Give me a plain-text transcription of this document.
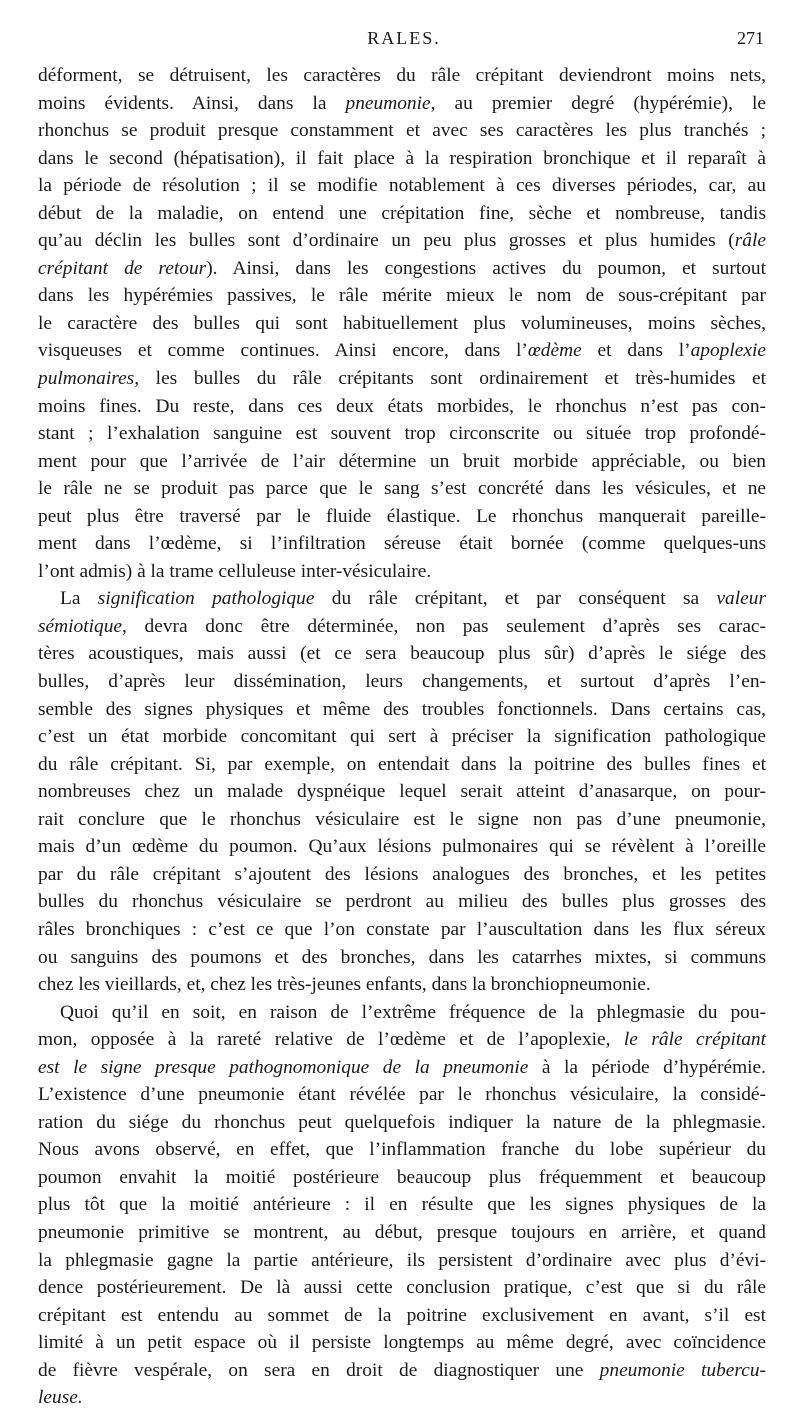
RALES.	271

déforment, se détruisent, les caractères du râle crépitant deviendront moins nets,
moins évidents. Ainsi, dans la pneumonie, au premier degré (hypérémie), le
rhonchus se produit presque constamment et avec ses caractères les plus tranchés ;
dans le second (hépatisation), il fait place à la respiration bronchique et il reparaît à
la période de résolution ; il se modifie notablement à ces diverses périodes, car, au
début de la maladie, on entend une crépitation fine, sèche et nombreuse, tandis
qu’au déclin les bulles sont d’ordinaire un peu plus grosses et plus humides (râle
crépitant de retour). Ainsi, dans les congestions actives du poumon, et surtout
dans les hypérémies passives, le râle mérite mieux le nom de sous-crépitant par
le caractère des bulles qui sont habituellement plus volumineuses, moins sèches,
visqueuses et comme continues. Ainsi encore, dans l’œdème et dans l’apoplexie
pulmonaires, les bulles du râle crépitants sont ordinairement et très-humides et
moins fines. Du reste, dans ces deux états morbides, le rhonchus n’est pas con-
stant ; l’exhalation sanguine est souvent trop circonscrite ou située trop profondé-
ment pour que l’arrivée de l’air détermine un bruit morbide appréciable, ou bien
le râle ne se produit pas parce que le sang s’est concrété dans les vésicules, et ne
peut plus être traversé par le fluide élastique. Le rhonchus manquerait pareille-
ment dans l’œdème, si l’infiltration séreuse était bornée (comme quelques-uns
l’ont admis) à la trame celluleuse inter-vésiculaire.

La signification pathologique du râle crépitant, et par conséquent sa valeur
sémiotique, devra donc être déterminée, non pas seulement d’après ses carac-
tères acoustiques, mais aussi (et ce sera beaucoup plus sûr) d’après le siége des
bulles, d’après leur dissémination, leurs changements, et surtout d’après l’en-
semble des signes physiques et même des troubles fonctionnels. Dans certains cas,
c’est un état morbide concomitant qui sert à préciser la signification pathologique
du râle crépitant. Si, par exemple, on entendait dans la poitrine des bulles fines et
nombreuses chez un malade dyspnéique lequel serait atteint d’anasarque, on pour-
rait conclure que le rhonchus vésiculaire est le signe non pas d’une pneumonie,
mais d’un œdème du poumon. Qu’aux lésions pulmonaires qui se révèlent à l’oreille
par du râle crépitant s’ajoutent des lésions analogues des bronches, et les petites
bulles du rhonchus vésiculaire se perdront au milieu des bulles plus grosses des
râles bronchiques : c’est ce que l’on constate par l’auscultation dans les flux séreux
ou sanguins des poumons et des bronches, dans les catarrhes mixtes, si communs
chez les vieillards, et, chez les très-jeunes enfants, dans la bronchiopneumonie.

Quoi qu’il en soit, en raison de l’extrême fréquence de la phlegmasie du pou-
mon, opposée à la rareté relative de l’œdème et de l’apoplexie, le râle crépitant
est le signe presque pathognomonique de la pneumonie à la période d’hypérémie.
L’existence d’une pneumonie étant révélée par le rhonchus vésiculaire, la considé-
ration du siége du rhonchus peut quelquefois indiquer la nature de la phlegmasie.
Nous avons observé, en effet, que l’inflammation franche du lobe supérieur du
poumon envahit la moitié postérieure beaucoup plus fréquemment et beaucoup
plus tôt que la moitié antérieure : il en résulte que les signes physiques de la
pneumonie primitive se montrent, au début, presque toujours en arrière, et quand
la phlegmasie gagne la partie antérieure, ils persistent d’ordinaire avec plus d’évi-
dence postérieurement. De là aussi cette conclusion pratique, c’est que si du râle
crépitant est entendu au sommet de la poitrine exclusivement en avant, s’il est
limité à un petit espace où il persiste longtemps au même degré, avec coïncidence
de fièvre vespérale, on sera en droit de diagnostiquer une pneumonie tubercu-
leuse.
